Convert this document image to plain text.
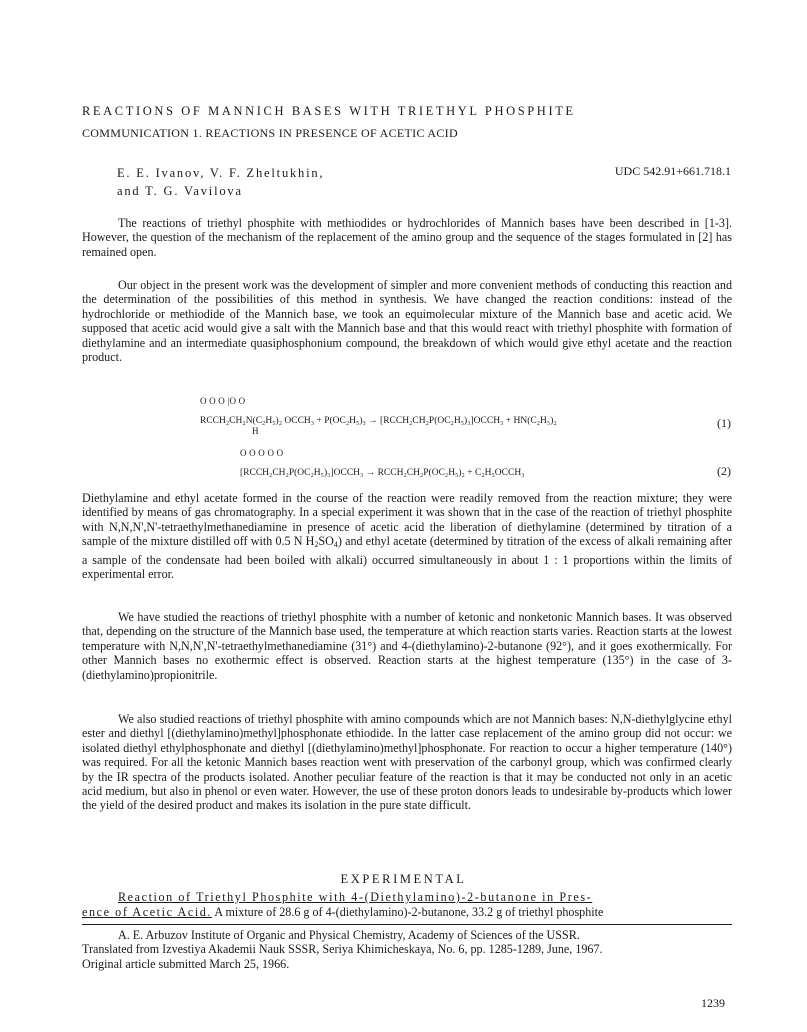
REACTIONS OF MANNICH BASES WITH TRIETHYL PHOSPHITE
COMMUNICATION 1. REACTIONS IN PRESENCE OF ACETIC ACID
E. E. Ivanov, V. F. Zheltukhin,
and T. G. Vavilova
UDC 542.91+661.718.1

The reactions of triethyl phosphite with methiodides or hydrochlorides of Mannich bases have been described in [1-3]. However, the question of the mechanism of the replacement of the amino group and the sequence of the stages formulated in [2] has remained open.

Our object in the present work was the development of simpler and more convenient methods of conducting this reaction and the determination of the possibilities of this method in synthesis. We have changed the reaction conditions: instead of the hydrochloride or methiodide of the Mannich base, we took an equimolecular mixture of the Mannich base and acetic acid. We supposed that acetic acid would give a salt with the Mannich base and that this would react with triethyl phosphite with formation of diethylamine and an intermediate quasiphosphonium compound, the breakdown of which would give ethyl acetate and the reaction product.

O O O |O O
RCCH₂CH₂N(C₂H₅)₂ OCCH₃ + P(OC₂H₅)₃ → [RCCH₂CH₂P(OC₂H₅)₃]OCCH₃ + HN(C₂H₅)₂
H
(1)
O O O O O
[RCCH₂CH₂P(OC₂H₅)₃]OCCH₃ → RCCH₂CH₂P(OC₂H₅)₂ + C₂H₅OCCH₃	(2)

Diethylamine and ethyl acetate formed in the course of the reaction were readily removed from the reaction mixture; they were identified by means of gas chromatography. In a special experiment it was shown that in the case of the reaction of triethyl phosphite with N,N,N',N'-tetraethylmethanediamine in presence of acetic acid the liberation of diethylamine (determined by titration of a sample of the mixture distilled off with 0.5 N $H_2SO_4$) and ethyl acetate (determined by titration of the excess of alkali remaining after a sample of the condensate had been boiled with alkali) occurred simultaneously in about 1 : 1 proportions within the limits of experimental error.

We have studied the reactions of triethyl phosphite with a number of ketonic and nonketonic Mannich bases. It was observed that, depending on the structure of the Mannich base used, the temperature at which reaction starts varies. Reaction starts at the lowest temperature with N,N,N',N'-tetraethylmethanediamine (31°) and 4-(diethylamino)-2-butanone (92°), and it goes exothermically. For other Mannich bases no exothermic effect is observed. Reaction starts at the highest temperature (135°) in the case of 3-(diethylamino)propionitrile.

We also studied reactions of triethyl phosphite with amino compounds which are not Mannich bases: N,N-diethylglycine ethyl ester and diethyl [(diethylamino)methyl]phosphonate ethiodide. In the latter case replacement of the amino group did not occur: we isolated diethyl ethylphosphonate and diethyl [(diethylamino)methyl]phosphonate. For reaction to occur a higher temperature (140°) was required. For all the ketonic Mannich bases reaction went with preservation of the carbonyl group, which was confirmed clearly by the IR spectra of the products isolated. Another peculiar feature of the reaction is that it may be conducted not only in an acetic acid medium, but also in phenol or even water. However, the use of these proton donors leads to undesirable by-products which lower the yield of the desired product and makes its isolation in the pure state difficult.

EXPERIMENTAL
Reaction of Triethyl Phosphite with 4-(Diethylamino)-2-butanone in Pres-
ence of Acetic Acid. A mixture of 28.6 g of 4-(diethylamino)-2-butanone, 33.2 g of triethyl phosphite

A. E. Arbuzov Institute of Organic and Physical Chemistry, Academy of Sciences of the USSR.

Translated from Izvestiya Akademii Nauk SSSR, Seriya Khimicheskaya, No. 6, pp. 1285-1289, June, 1967.

Original article submitted March 25, 1966.

1239
